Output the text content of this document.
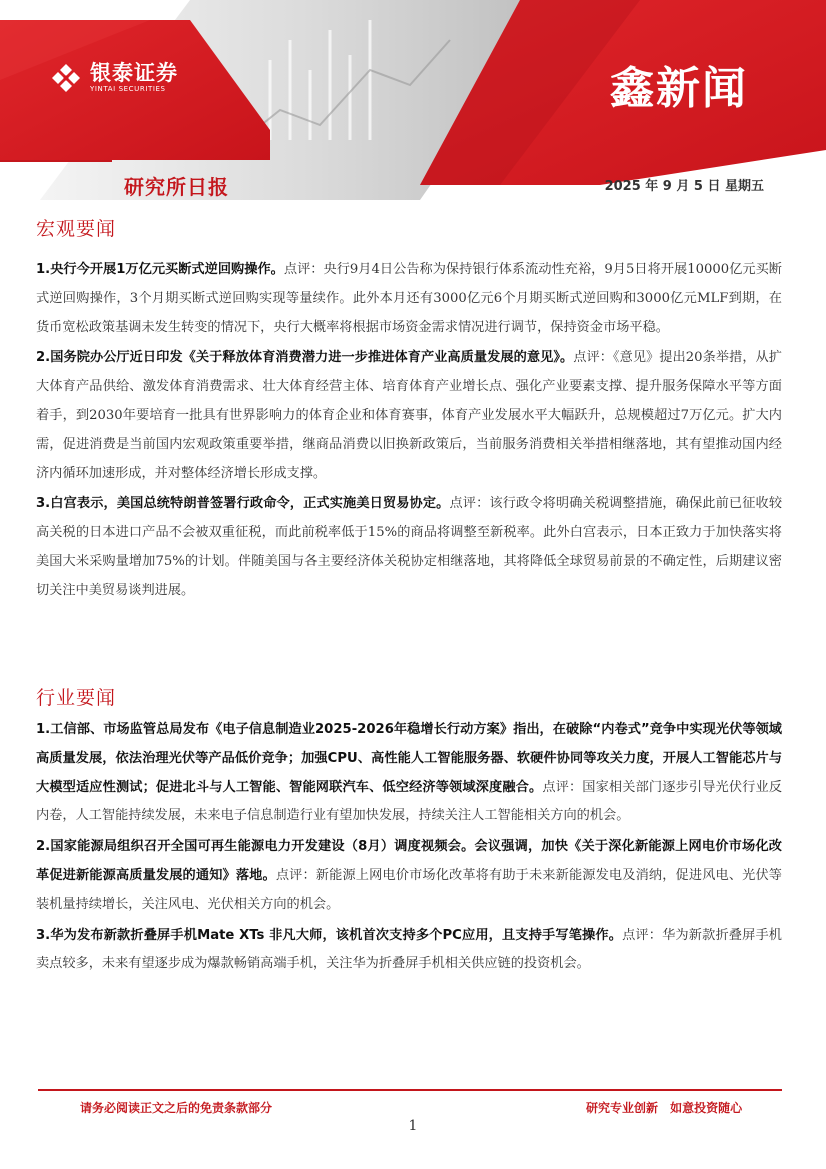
银泰证券
YINTAI SECURITIES	鑫新闻
研究所日报	2025 年 9 月 5 日 星期五
宏观要闻

1.央行今开展1万亿元买断式逆回购操作。点评：央行9月4日公告称为保持银行体系流动性充裕，9月5日将开展10000亿元买断式逆回购操作，3个月期买断式逆回购实现等量续作。此外本月还有3000亿元6个月期买断式逆回购和3000亿元MLF到期，在货币宽松政策基调未发生转变的情况下，央行大概率将根据市场资金需求情况进行调节，保持资金市场平稳。

2.国务院办公厅近日印发《关于释放体育消费潜力进一步推进体育产业高质量发展的意见》。点评：《意见》提出20条举措，从扩大体育产品供给、激发体育消费需求、壮大体育经营主体、培育体育产业增长点、强化产业要素支撑、提升服务保障水平等方面着手，到2030年要培育一批具有世界影响力的体育企业和体育赛事，体育产业发展水平大幅跃升，总规模超过7万亿元。扩大内需，促进消费是当前国内宏观政策重要举措，继商品消费以旧换新政策后，当前服务消费相关举措相继落地，其有望推动国内经济内循环加速形成，并对整体经济增长形成支撑。

3.白宫表示，美国总统特朗普签署行政命令，正式实施美日贸易协定。点评：该行政令将明确关税调整措施，确保此前已征收较高关税的日本进口产品不会被双重征税，而此前税率低于15%的商品将调整至新税率。此外白宫表示，日本正致力于加快落实将美国大米采购量增加75%的计划。伴随美国与各主要经济体关税协定相继落地，其将降低全球贸易前景的不确定性，后期建议密切关注中美贸易谈判进展。

行业要闻

1.工信部、市场监管总局发布《电子信息制造业2025-2026年稳增长行动方案》指出，在破除“内卷式”竞争中实现光伏等领域高质量发展，依法治理光伏等产品低价竞争；加强CPU、高性能人工智能服务器、软硬件协同等攻关力度，开展人工智能芯片与大模型适应性测试；促进北斗与人工智能、智能网联汽车、低空经济等领域深度融合。点评：国家相关部门逐步引导光伏行业反内卷，人工智能持续发展，未来电子信息制造行业有望加快发展，持续关注人工智能相关方向的机会。

2.国家能源局组织召开全国可再生能源电力开发建设（8月）调度视频会。会议强调，加快《关于深化新能源上网电价市场化改革促进新能源高质量发展的通知》落地。点评：新能源上网电价市场化改革将有助于未来新能源发电及消纳，促进风电、光伏等装机量持续增长，关注风电、光伏相关方向的机会。

3.华为发布新款折叠屏手机Mate XTs 非凡大师，该机首次支持多个PC应用，且支持手写笔操作。点评：华为新款折叠屏手机卖点较多，未来有望逐步成为爆款畅销高端手机，关注华为折叠屏手机相关供应链的投资机会。

请务必阅读正文之后的免责条款部分	研究专业创新 如意投资随心
1
